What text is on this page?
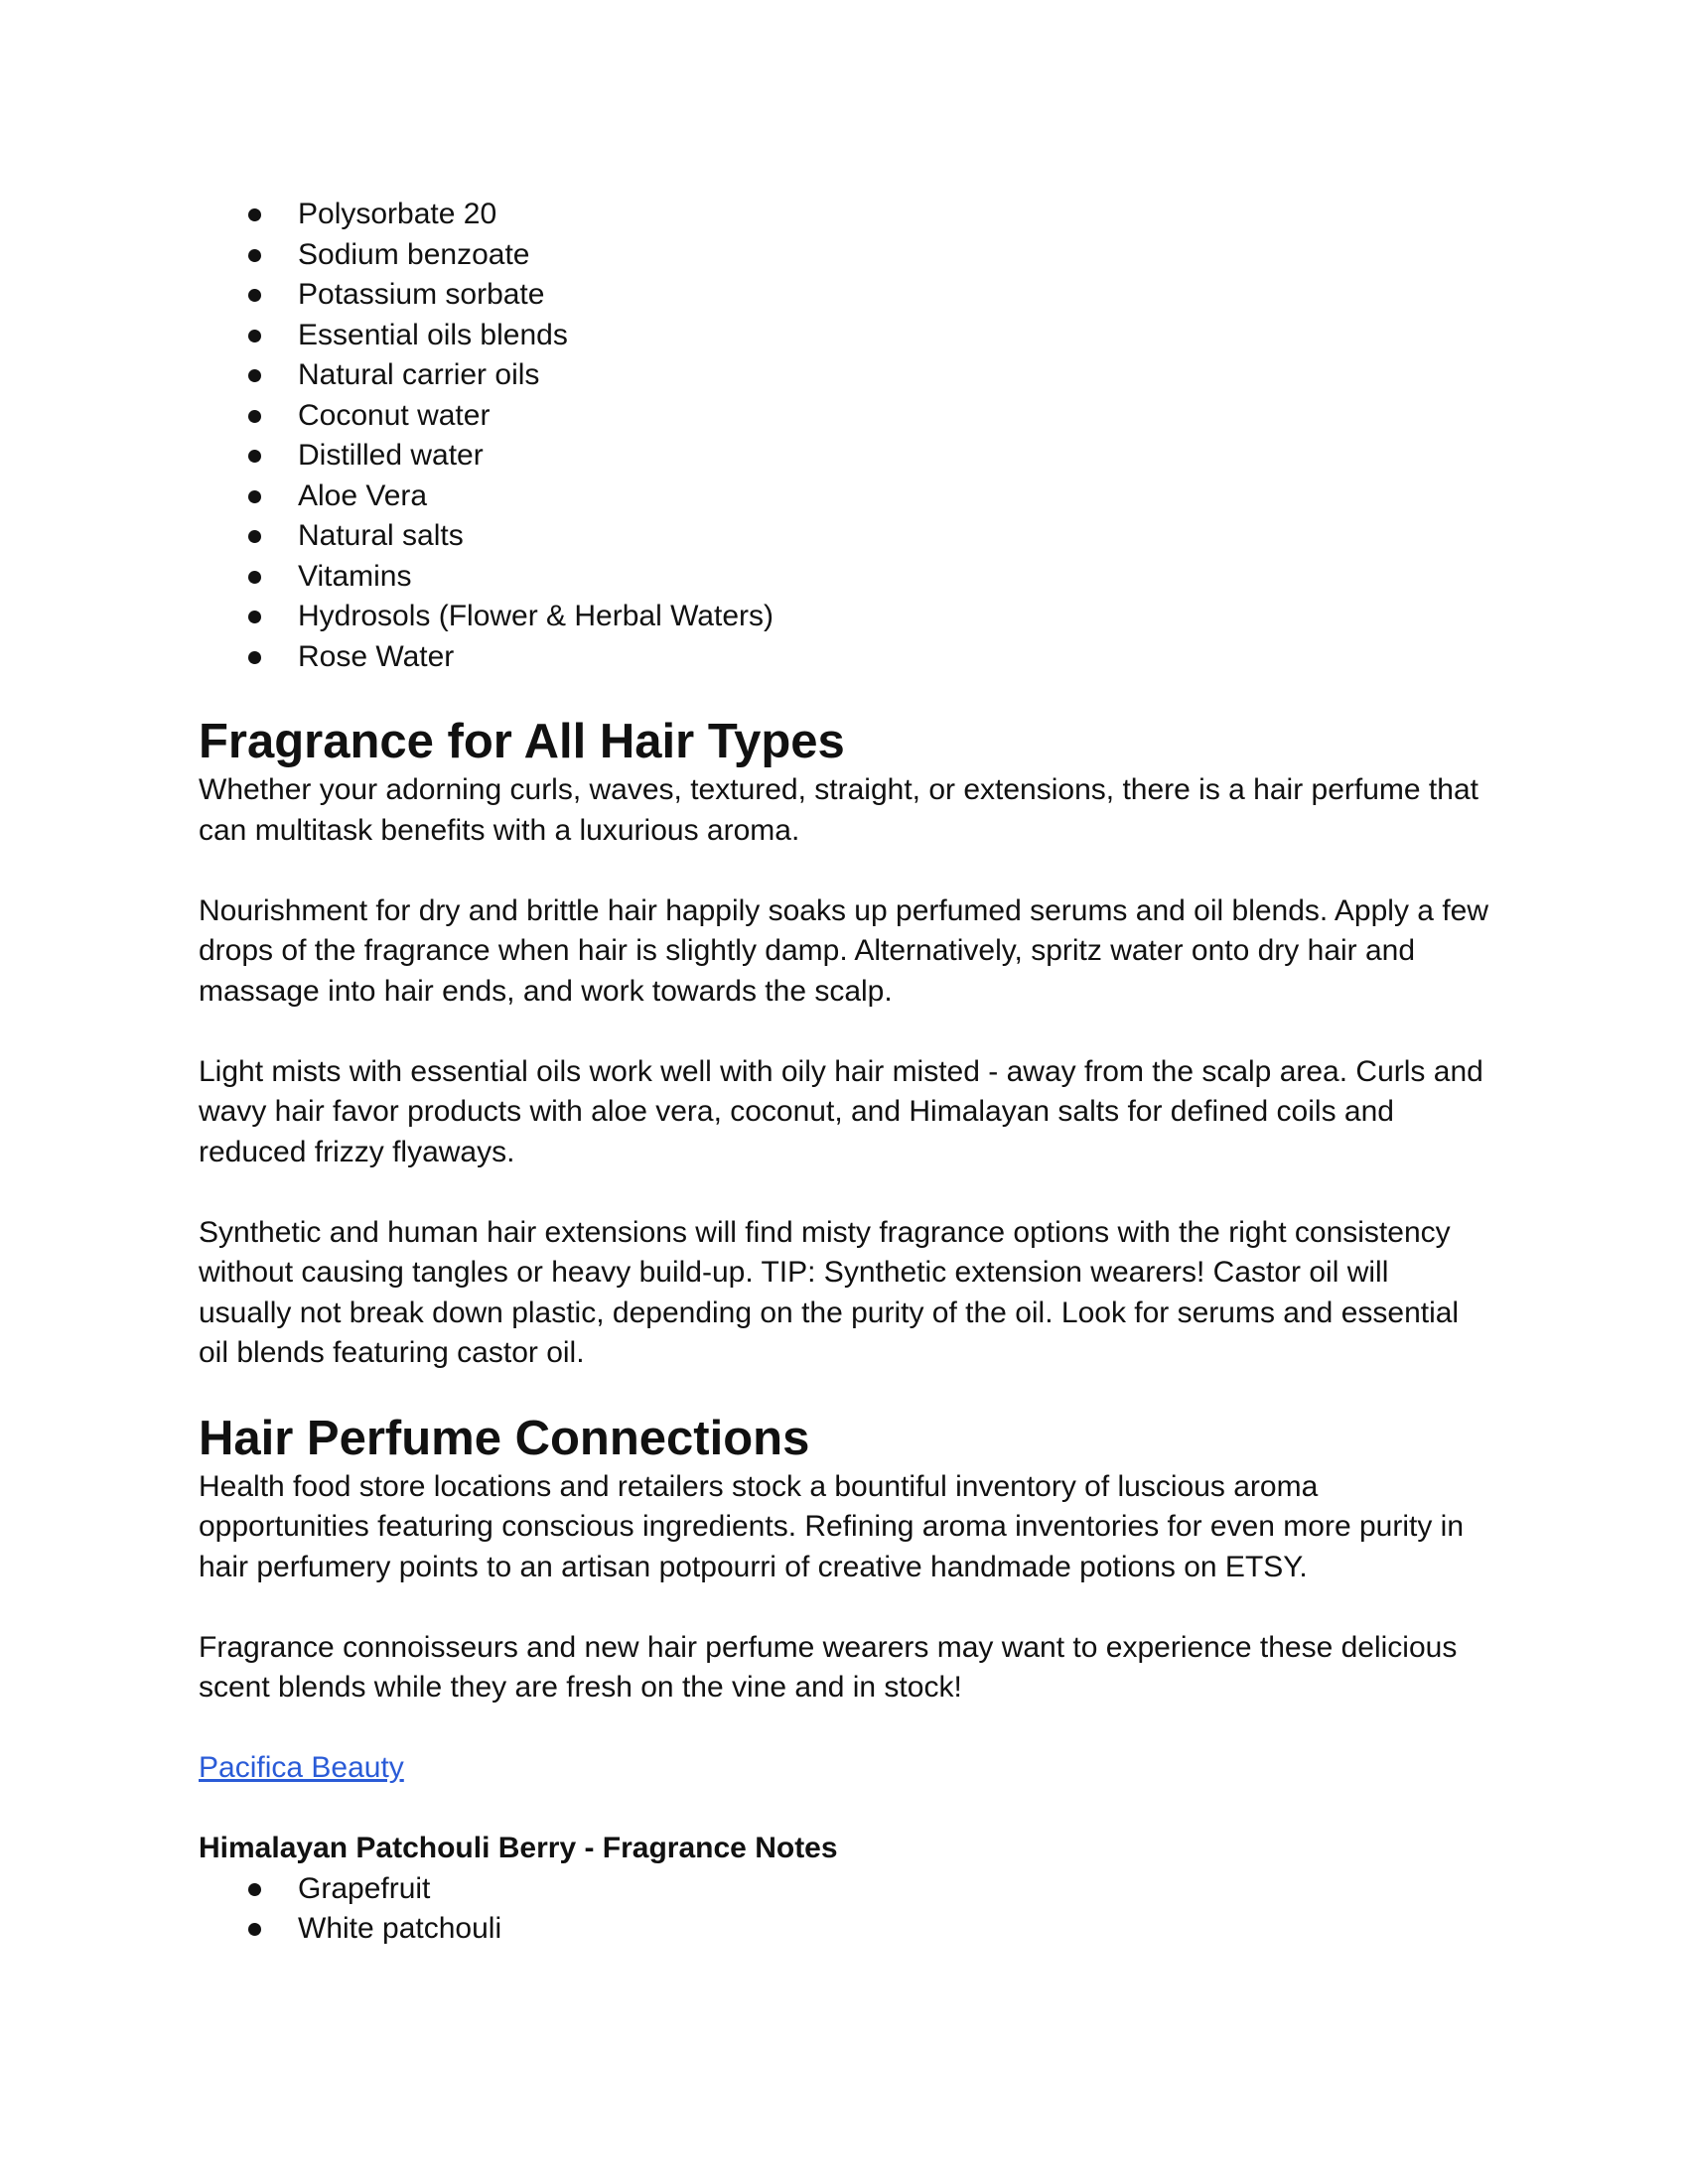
Polysorbate 20
Sodium benzoate
Potassium sorbate
Essential oils blends
Natural carrier oils
Coconut water
Distilled water
Aloe Vera
Natural salts
Vitamins
Hydrosols (Flower & Herbal Waters)
Rose Water
Fragrance for All Hair Types

Whether your adorning curls, waves, textured, straight, or extensions, there is a hair perfume that can multitask benefits with a luxurious aroma.

Nourishment for dry and brittle hair happily soaks up perfumed serums and oil blends. Apply a few drops of the fragrance when hair is slightly damp. Alternatively, spritz water onto dry hair and massage into hair ends, and work towards the scalp.

Light mists with essential oils work well with oily hair misted - away from the scalp area. Curls and wavy hair favor products with aloe vera, coconut, and Himalayan salts for defined coils and reduced frizzy flyaways.

Synthetic and human hair extensions will find misty fragrance options with the right consistency without causing tangles or heavy build-up. TIP: Synthetic extension wearers! Castor oil will usually not break down plastic, depending on the purity of the oil. Look for serums and essential oil blends featuring castor oil.

Hair Perfume Connections

Health food store locations and retailers stock a bountiful inventory of luscious aroma opportunities featuring conscious ingredients. Refining aroma inventories for even more purity in hair perfumery points to an artisan potpourri of creative handmade potions on ETSY.

Fragrance connoisseurs and new hair perfume wearers may want to experience these delicious scent blends while they are fresh on the vine and in stock!

Pacifica Beauty

Himalayan Patchouli Berry - Fragrance Notes

Grapefruit
White patchouli
